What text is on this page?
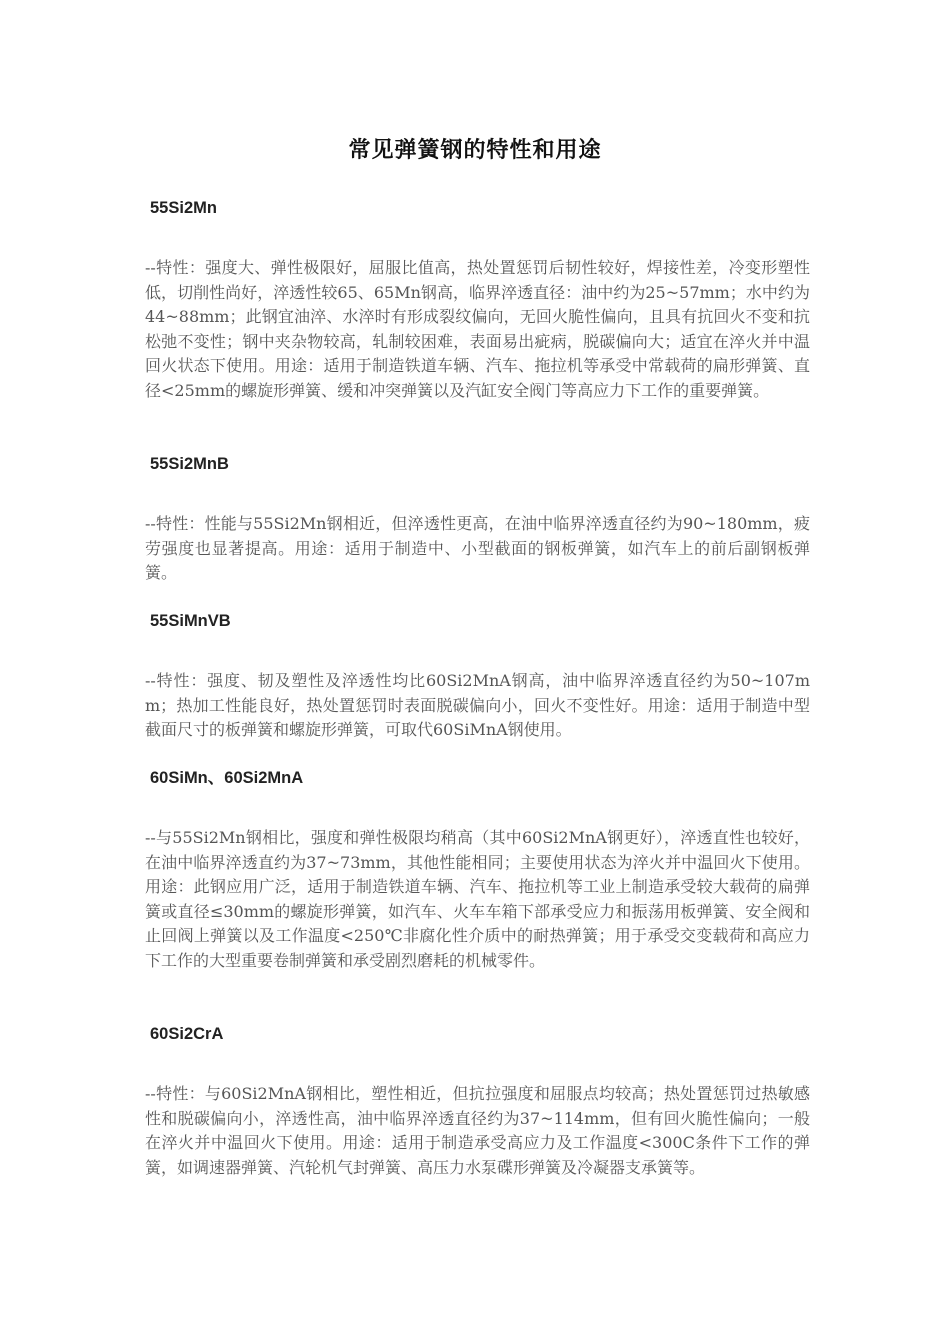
常见弹簧钢的特性和用途
55Si2Mn
--特性：强度大、弹性极限好，屈服比值高，热处置惩罚后韧性较好，焊接性差，冷变形塑性低，切削性尚好，淬透性较65、65Mn钢高，临界淬透直径：油中约为25~57mm；水中约为44~88mm；此钢宜油淬、水淬时有形成裂纹偏向，无回火脆性偏向，且具有抗回火不变和抗松弛不变性；钢中夹杂物较高，轧制较困难，表面易出疵病，脱碳偏向大；适宜在淬火并中温回火状态下使用。用途：适用于制造铁道车辆、汽车、拖拉机等承受中常载荷的扁形弹簧、直径<25mm的螺旋形弹簧、缓和冲突弹簧以及汽缸安全阀门等高应力下工作的重要弹簧。
55Si2MnB
--特性：性能与55Si2Mn钢相近，但淬透性更高，在油中临界淬透直径约为90~180mm，疲劳强度也显著提高。用途：适用于制造中、小型截面的钢板弹簧，如汽车上的前后副钢板弹簧。
55SiMnVB
--特性：强度、韧及塑性及淬透性均比60Si2MnA钢高，油中临界淬透直径约为50~107mm；热加工性能良好，热处置惩罚时表面脱碳偏向小，回火不变性好。用途：适用于制造中型截面尺寸的板弹簧和螺旋形弹簧，可取代60SiMnA钢使用。
60SiMn、60Si2MnA
--与55Si2Mn钢相比，强度和弹性极限均稍高（其中60Si2MnA钢更好），淬透直性也较好，在油中临界淬透直约为37~73mm，其他性能相同；主要使用状态为淬火并中温回火下使用。用途：此钢应用广泛，适用于制造铁道车辆、汽车、拖拉机等工业上制造承受较大载荷的扁弹簧或直径≤30mm的螺旋形弹簧，如汽车、火车车箱下部承受应力和振荡用板弹簧、安全阀和止回阀上弹簧以及工作温度<250℃非腐化性介质中的耐热弹簧；用于承受交变载荷和高应力下工作的大型重要卷制弹簧和承受剧烈磨耗的机械零件。
60Si2CrA
--特性：与60Si2MnA钢相比，塑性相近，但抗拉强度和屈服点均较高；热处置惩罚过热敏感性和脱碳偏向小，淬透性高，油中临界淬透直径约为37~114mm，但有回火脆性偏向；一般在淬火并中温回火下使用。用途：适用于制造承受高应力及工作温度<300C条件下工作的弹簧，如调速器弹簧、汽轮机气封弹簧、高压力水泵碟形弹簧及冷凝器支承簧等。
